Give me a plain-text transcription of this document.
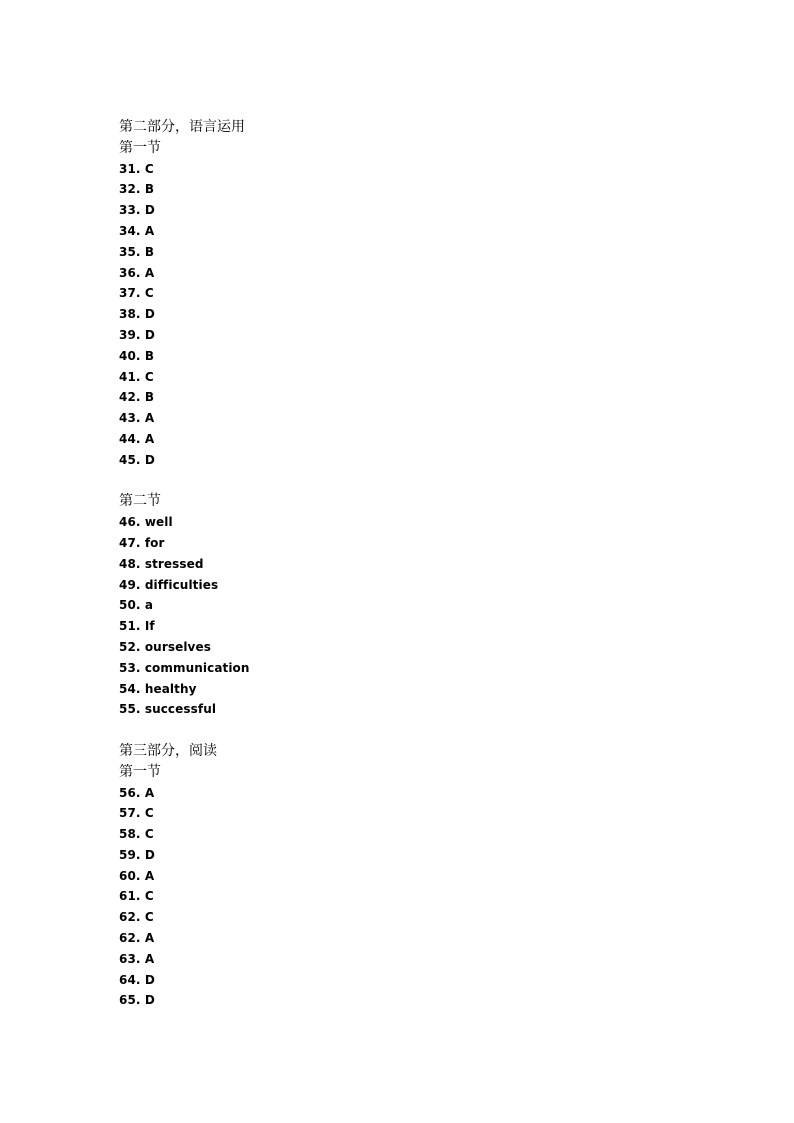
第二部分，语言运用
第一节
31. C
32. B
33. D
34. A
35. B
36. A
37. C
38. D
39. D
40. B
41. C
42. B
43. A
44. A
45. D
第二节
46. well
47. for
48. stressed
49. difficulties
50. a
51. If
52. ourselves
53. communication
54. healthy
55. successful
第三部分，阅读
第一节
56. A
57. C
58. C
59. D
60. A
61. C
62. C
62. A
63. A
64. D
65. D
